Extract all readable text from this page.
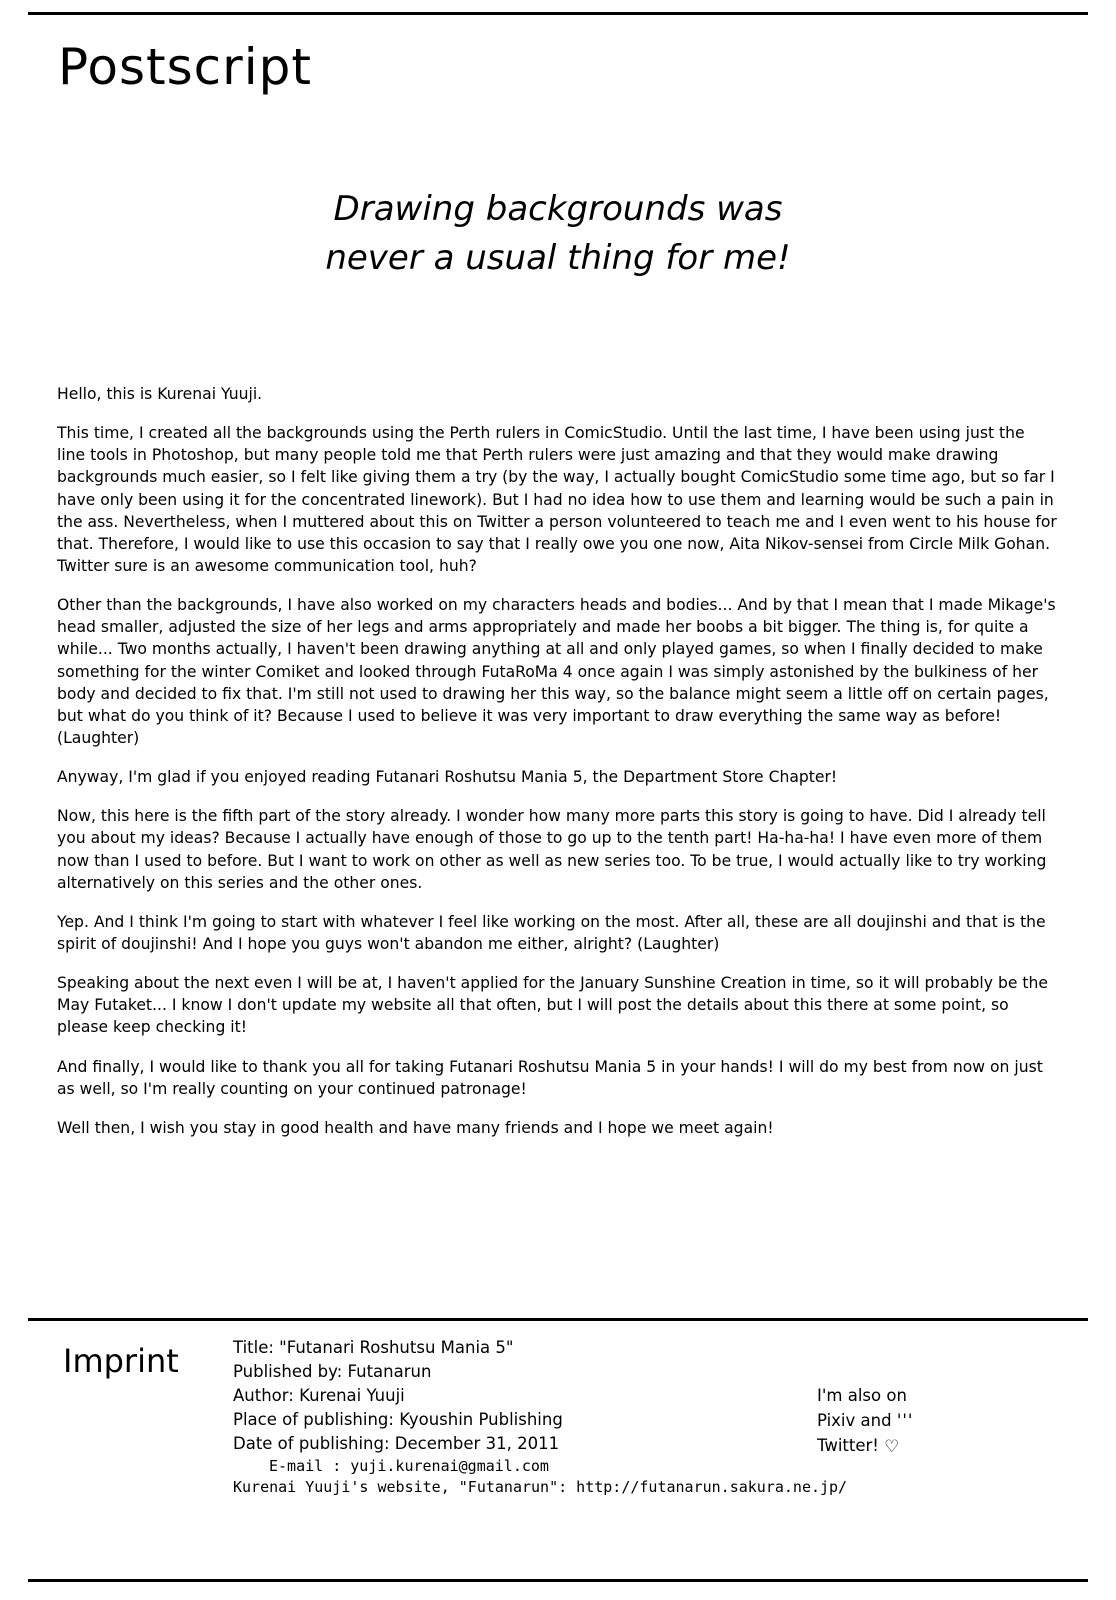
Postscript
Drawing backgrounds was
never a usual thing for me!

Hello, this is Kurenai Yuuji.

This time, I created all the backgrounds using the Perth rulers in ComicStudio. Until the last time, I have been using just the line tools in Photoshop, but many people told me that Perth rulers were just amazing and that they would make drawing backgrounds much easier, so I felt like giving them a try (by the way, I actually bought ComicStudio some time ago, but so far I have only been using it for the concentrated linework). But I had no idea how to use them and learning would be such a pain in the ass. Nevertheless, when I muttered about this on Twitter a person volunteered to teach me and I even went to his house for that. Therefore, I would like to use this occasion to say that I really owe you one now, Aita Nikov-sensei from Circle Milk Gohan. Twitter sure is an awesome communication tool, huh?

Other than the backgrounds, I have also worked on my characters heads and bodies... And by that I mean that I made Mikage's head smaller, adjusted the size of her legs and arms appropriately and made her boobs a bit bigger. The thing is, for quite a while... Two months actually, I haven't been drawing anything at all and only played games, so when I finally decided to make something for the winter Comiket and looked through FutaRoMa 4 once again I was simply astonished by the bulkiness of her body and decided to fix that. I'm still not used to drawing her this way, so the balance might seem a little off on certain pages, but what do you think of it? Because I used to believe it was very important to draw everything the same way as before! (Laughter)

Anyway, I'm glad if you enjoyed reading Futanari Roshutsu Mania 5, the Department Store Chapter!

Now, this here is the fifth part of the story already. I wonder how many more parts this story is going to have. Did I already tell you about my ideas? Because I actually have enough of those to go up to the tenth part! Ha-ha-ha! I have even more of them now than I used to before. But I want to work on other as well as new series too. To be true, I would actually like to try working alternatively on this series and the other ones.

Yep. And I think I'm going to start with whatever I feel like working on the most. After all, these are all doujinshi and that is the spirit of doujinshi! And I hope you guys won't abandon me either, alright? (Laughter)

Speaking about the next even I will be at, I haven't applied for the January Sunshine Creation in time, so it will probably be the May Futaket... I know I don't update my website all that often, but I will post the details about this there at some point, so please keep checking it!

And finally, I would like to thank you all for taking Futanari Roshutsu Mania 5 in your hands! I will do my best from now on just as well, so I'm really counting on your continued patronage!

Well then, I wish you stay in good health and have many friends and I hope we meet again!

Imprint	Title: "Futanari Roshutsu Mania 5"
Published by: Futanarun
Author: Kurenai Yuuji
Place of publishing: Kyoushin Publishing
Date of publishing: December 31, 2011
E-mail : yuji.kurenai@gmail.com
Kurenai Yuuji's website, "Futanarun": http://futanarun.sakura.ne.jp/
I'm also on
Pixiv and '''
Twitter! ♡
